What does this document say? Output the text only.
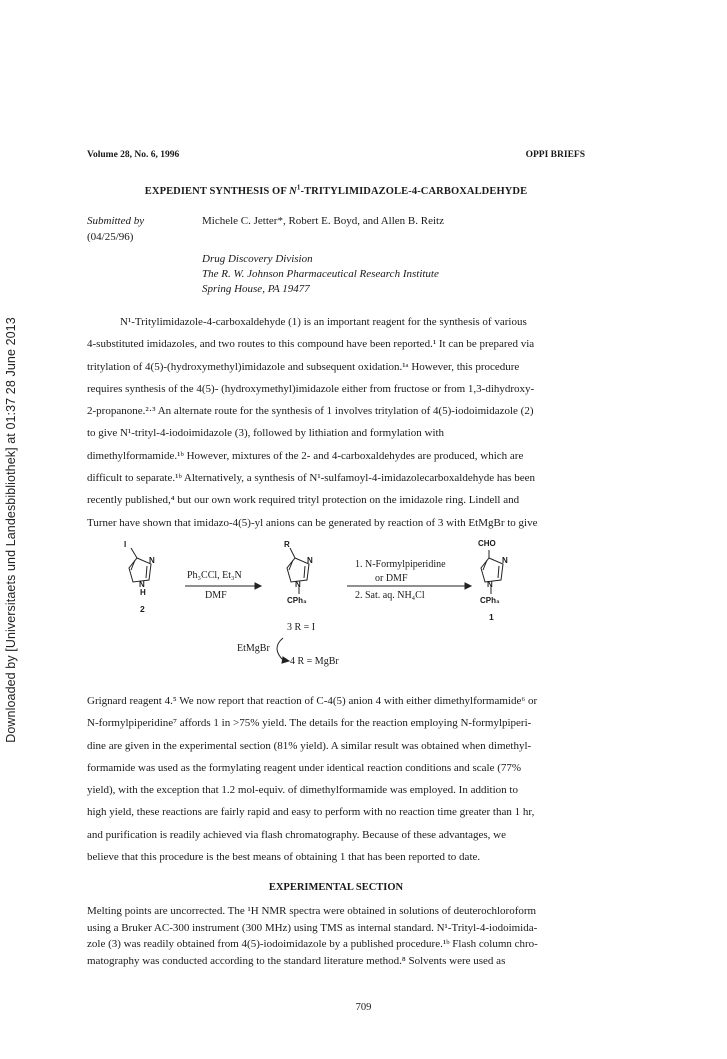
Downloaded by [Universitaets und Landesbibliothek] at 01:37 28 June 2013
Volume 28, No. 6, 1996	OPPI BRIEFS
EXPEDIENT SYNTHESIS OF $N^1-TRITYLIMIDAZOLE-4$-CARBOXALDEHYDE
Submitted by
(04/25/96)
Michele C. Jetter*, Robert E. Boyd, and Allen B. Reitz
Drug Discovery Division
The R. W. Johnson Pharmaceutical Research Institute
Spring House, PA 19477
N¹-Tritylimidazole-4-carboxaldehyde (1) is an important reagent for the synthesis of various
4-substituted imidazoles, and two routes to this compound have been reported.¹ It can be prepared via
tritylation of 4(5)-(hydroxymethyl)imidazole and subsequent oxidation.¹ᵃ However, this procedure
requires synthesis of the 4(5)- (hydroxymethyl)imidazole either from fructose or from 1,3-dihydroxy-
2-propanone.²·³ An alternate route for the synthesis of 1 involves tritylation of 4(5)-iodoimidazole (2)
to give N¹-trityl-4-iodoimidazole (3), followed by lithiation and formylation with
dimethylformamide.¹ᵇ However, mixtures of the 2- and 4-carboxaldehydes are produced, which are
difficult to separate.¹ᵇ Alternatively, a synthesis of N¹-sulfamoyl-4-imidazolecarboxaldehyde has been
recently published,⁴ but our own work required trityl protection on the imidazole ring. Lindell and
Turner have shown that imidazo-4(5)-yl anions can be generated by reaction of 3 with EtMgBr to give
I
N
N
H
2
Ph₃CCl, Et₃N
DMF
R
N
N
CPh₃
1. N-Formylpiperidine
or DMF
2. Sat. aq. NH₄Cl
CHO
N
N
CPh₃
1
3 R = I
EtMgBr
4 R = MgBr
Grignard reagent 4.⁵ We now report that reaction of C-4(5) anion 4 with either dimethylformamide⁶ or
N-formylpiperidine⁷ affords 1 in >75% yield. The details for the reaction employing N-formylpiperi-
dine are given in the experimental section (81% yield). A similar result was obtained when dimethyl-
formamide was used as the formylating reagent under identical reaction conditions and scale (77%
yield), with the exception that 1.2 mol-equiv. of dimethylformamide was employed. In addition to
high yield, these reactions are fairly rapid and easy to perform with no reaction time greater than 1 hr,
and purification is readily achieved via flash chromatography. Because of these advantages, we
believe that this procedure is the best means of obtaining 1 that has been reported to date.
EXPERIMENTAL SECTION
Melting points are uncorrected. The ¹H NMR spectra were obtained in solutions of deuterochloroform
using a Bruker AC-300 instrument (300 MHz) using TMS as internal standard. N¹-Trityl-4-iodoimida-
zole (3) was readily obtained from 4(5)-iodoimidazole by a published procedure.¹ᵇ Flash column chro-
matography was conducted according to the standard literature method.⁸ Solvents were used as
709
